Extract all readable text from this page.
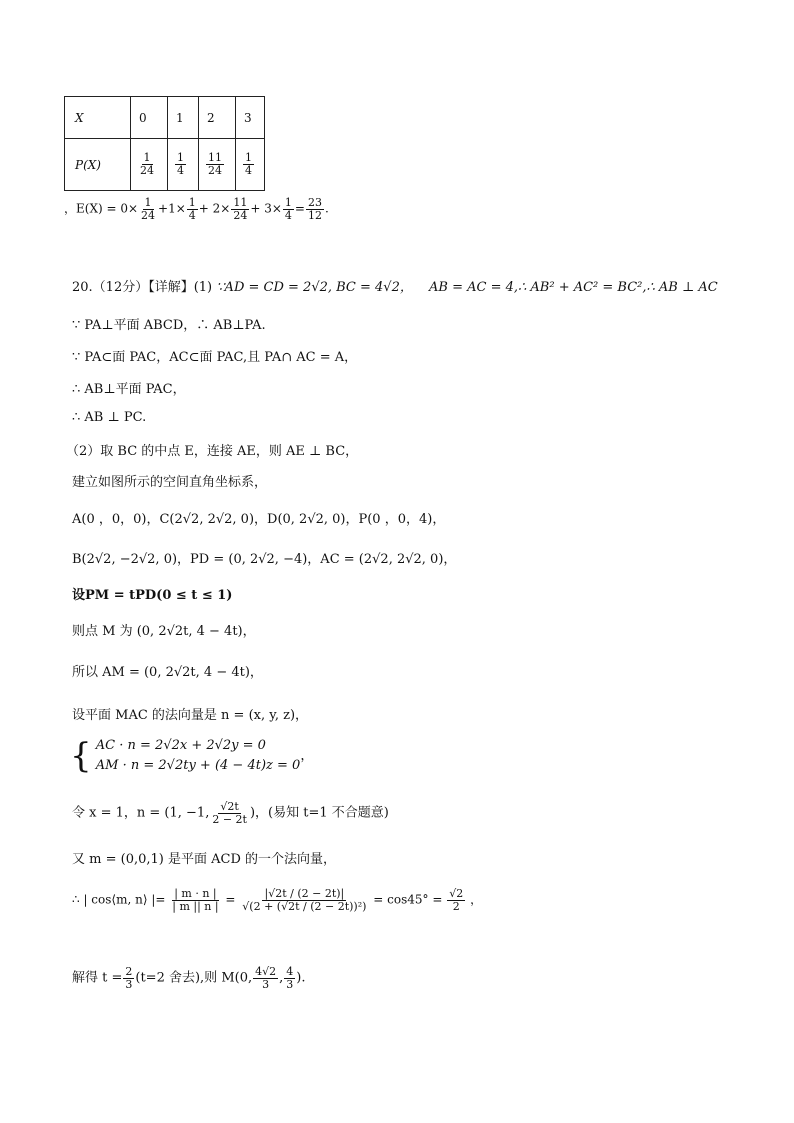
X	0	1	2	3
P(X)	$\frac{1}{24}$	$\frac{1}{4}$	$\frac{11}{24}$	$\frac{1}{4}$
，$E(X) = 0\times \frac{1}{24} +1\times \frac{1}{4} + 2\times \frac{11}{24} + 3\times \frac{1}{4} = \frac{23}{12}$ .
20.（12分）【详解】(1) ∵AD = CD = 2√2, BC = 4√2， AB = AC = 4,∴ AB² + AC² = BC²,∴ AB ⊥ AC
∵ PA⊥平面 ABCD，∴ AB⊥PA.
∵ PA⊂面 PAC，AC⊂面 PAC,且 PA∩ AC = A，
∴ AB⊥平面 PAC，
∴ AB ⊥ PC.
（2）取 BC 的中点 E，连接 AE，则 AE ⊥ BC，
建立如图所示的空间直角坐标系，
A(0 ，0，0)，C(2√2, 2√2, 0)，D(0, 2√2, 0)，P(0 ，0，4)，
B(2√2, −2√2, 0)，PD = (0, 2√2, −4)，AC = (2√2, 2√2, 0)，
设PM = tPD(0 ≤ t ≤ 1)
则点 M 为 (0, 2√2t, 4 − 4t)，
所以 AM = (0, 2√2t, 4 − 4t)，
设平面 MAC 的法向量是 n = (x, y, z)，
{ AC · n = 2√2x + 2√2y = 0
AM · n = 2√2ty + (4 − 4t)z = 0，
令 x = 1，n = (1, −1, $\frac{√2t}{2 - 2t}$ )，(易知 t=1 不合题意)
又 m = (0,0,1) 是平面 ACD 的一个法向量，
∴ | cos⟨m, n⟩ |= $\frac{| m \cdot n |}{| m || n |} = \frac{|√2t / (2 - 2t)|}{\text{√(2 + (√2t / (2 − 2t))²)}} = \cos 45^\circ = \frac{√2}{2}$ ，
解得 $t = \frac{2}{3} (t=2$ 舍去),则 M(0, $\frac{4√2}{3}$ , $\frac{4}{3}$ ).
